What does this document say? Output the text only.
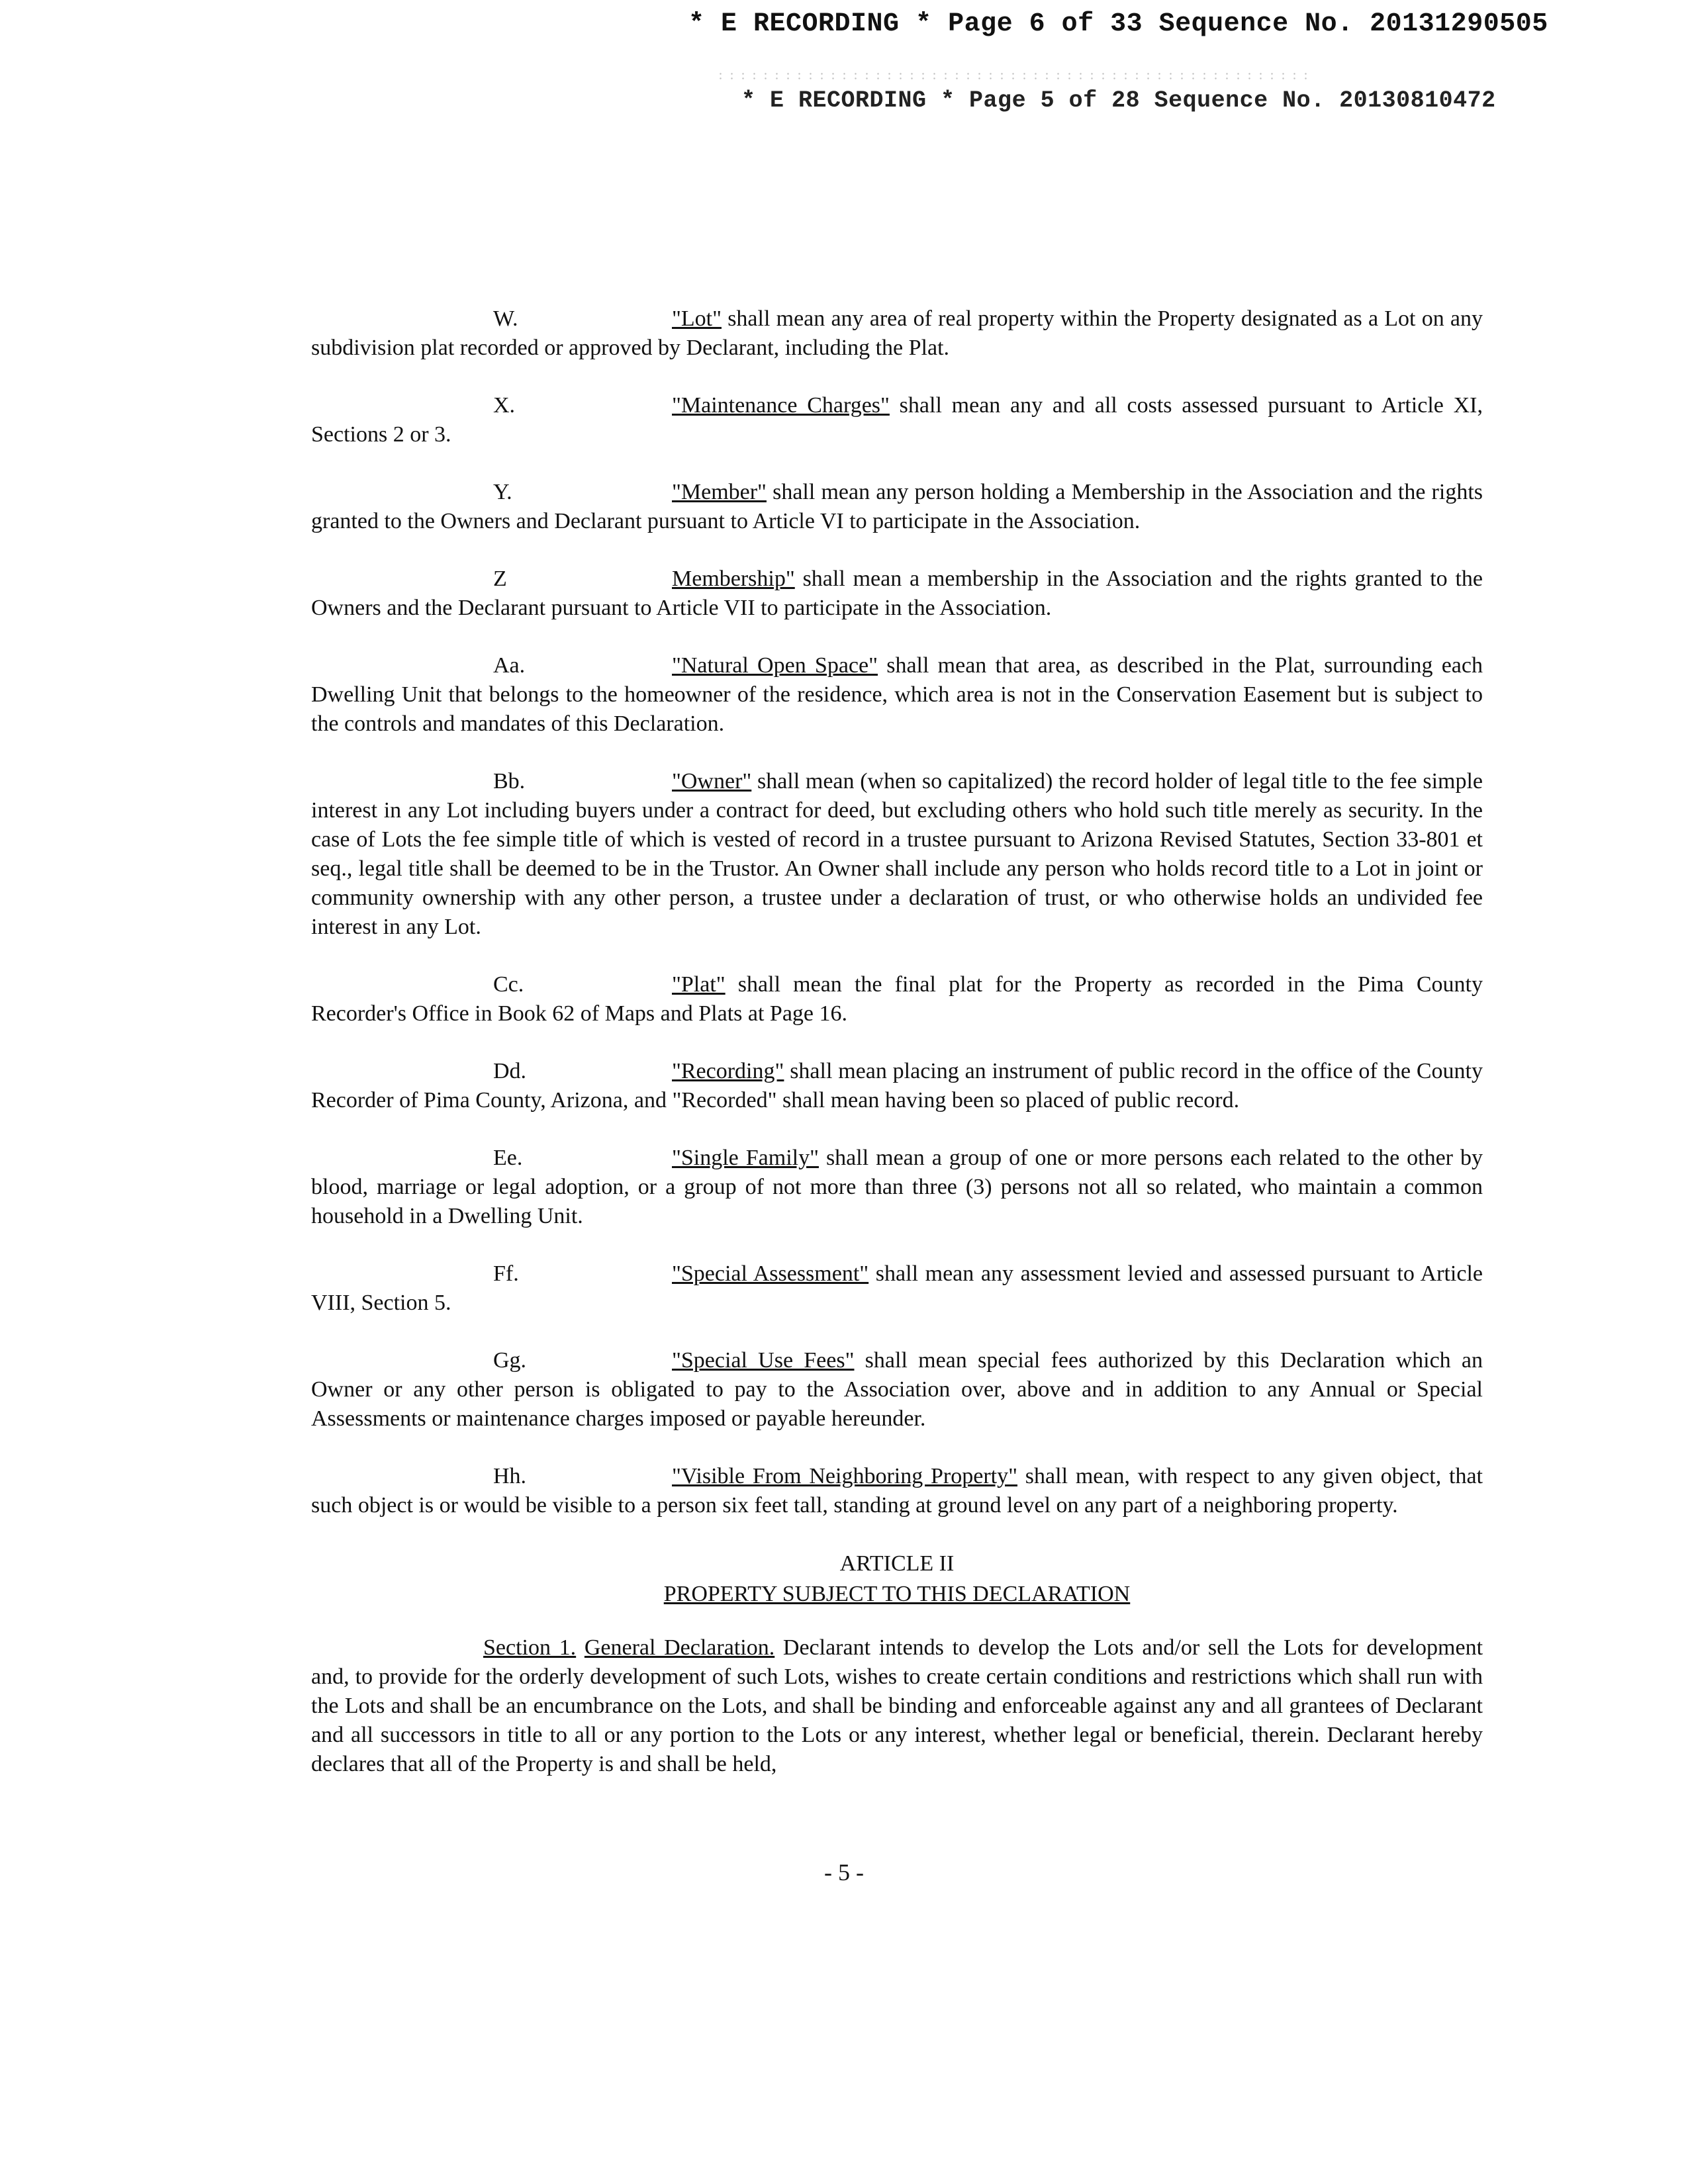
* E RECORDING * Page 6 of 33 Sequence No. 20131290505
* E RECORDING * Page 5 of 28 Sequence No. 20130810472

W.	"Lot" shall mean any area of real property within the Property designated as a Lot on any subdivision plat recorded or approved by Declarant, including the Plat.

X.	"Maintenance Charges" shall mean any and all costs assessed pursuant to Article XI, Sections 2 or 3.

Y.	"Member" shall mean any person holding a Membership in the Association and the rights granted to the Owners and Declarant pursuant to Article VI to participate in the Association.

Z	Membership" shall mean a membership in the Association and the rights granted to the Owners and the Declarant pursuant to Article VII to participate in the Association.

Aa.	"Natural Open Space" shall mean that area, as described in the Plat, surrounding each Dwelling Unit that belongs to the homeowner of the residence, which area is not in the Conservation Easement but is subject to the controls and mandates of this Declaration.

Bb.	"Owner" shall mean (when so capitalized) the record holder of legal title to the fee simple interest in any Lot including buyers under a contract for deed, but excluding others who hold such title merely as security. In the case of Lots the fee simple title of which is vested of record in a trustee pursuant to Arizona Revised Statutes, Section 33-801 et seq., legal title shall be deemed to be in the Trustor. An Owner shall include any person who holds record title to a Lot in joint or community ownership with any other person, a trustee under a declaration of trust, or who otherwise holds an undivided fee interest in any Lot.

Cc.	"Plat" shall mean the final plat for the Property as recorded in the Pima County Recorder's Office in Book 62 of Maps and Plats at Page 16.

Dd.	"Recording" shall mean placing an instrument of public record in the office of the County Recorder of Pima County, Arizona, and "Recorded" shall mean having been so placed of public record.

Ee.	"Single Family" shall mean a group of one or more persons each related to the other by blood, marriage or legal adoption, or a group of not more than three (3) persons not all so related, who maintain a common household in a Dwelling Unit.

Ff.	"Special Assessment" shall mean any assessment levied and assessed pursuant to Article VIII, Section 5.

Gg.	"Special Use Fees" shall mean special fees authorized by this Declaration which an Owner or any other person is obligated to pay to the Association over, above and in addition to any Annual or Special Assessments or maintenance charges imposed or payable hereunder.

Hh.	"Visible From Neighboring Property" shall mean, with respect to any given object, that such object is or would be visible to a person six feet tall, standing at ground level on any part of a neighboring property.

ARTICLE II
PROPERTY SUBJECT TO THIS DECLARATION

Section 1. General Declaration. Declarant intends to develop the Lots and/or sell the Lots for development and, to provide for the orderly development of such Lots, wishes to create certain conditions and restrictions which shall run with the Lots and shall be an encumbrance on the Lots, and shall be binding and enforceable against any and all grantees of Declarant and all successors in title to all or any portion to the Lots or any interest, whether legal or beneficial, therein. Declarant hereby declares that all of the Property is and shall be held,

- 5 -
